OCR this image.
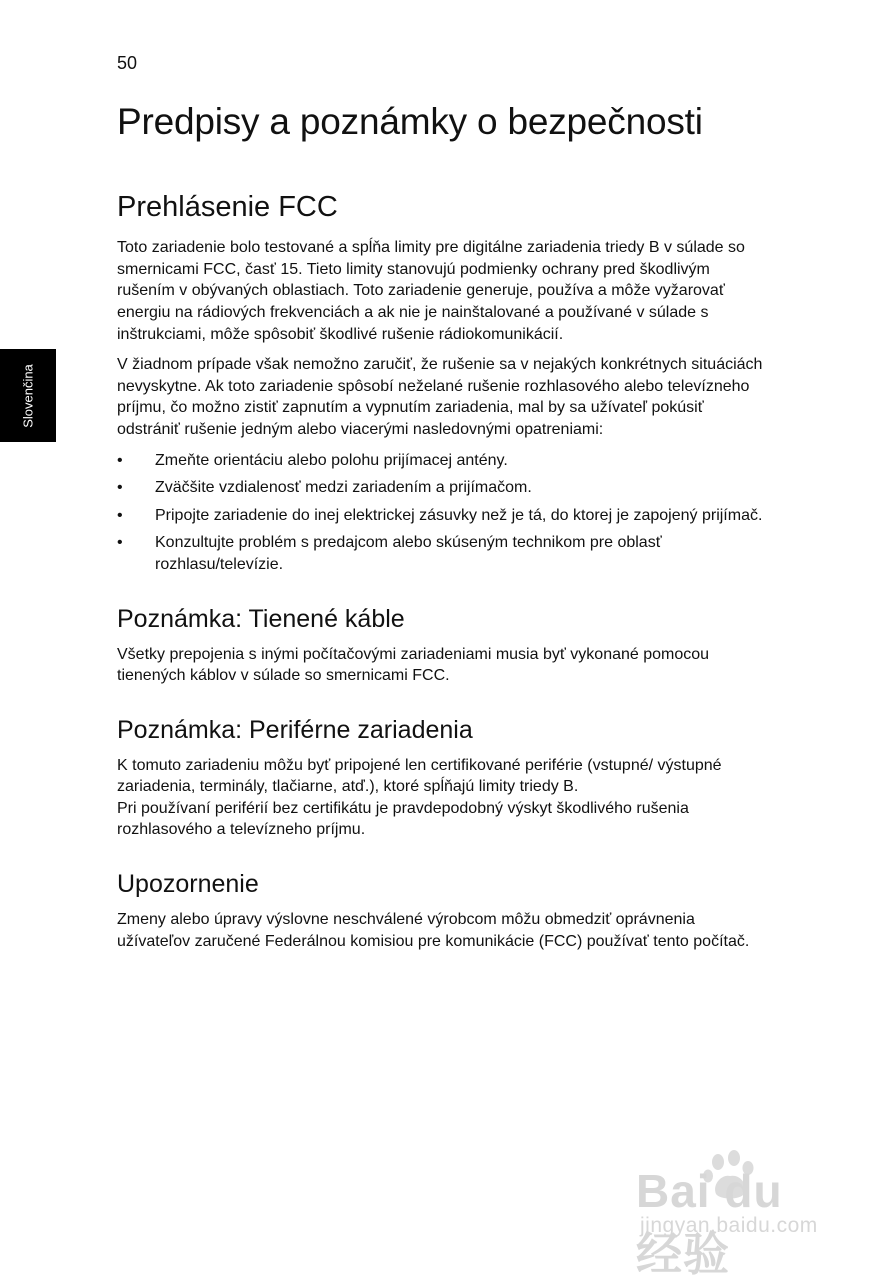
50
Slovenčina
Predpisy a poznámky o bezpečnosti
Prehlásenie FCC

Toto zariadenie bolo testované a spĺňa limity pre digitálne zariadenia triedy B v súlade so smernicami FCC, časť 15. Tieto limity stanovujú podmienky ochrany pred škodlivým rušením v obývaných oblastiach. Toto zariadenie generuje, používa a môže vyžarovať energiu na rádiových frekvenciách a ak nie je nainštalované a používané v súlade s inštrukciami, môže spôsobiť škodlivé rušenie rádiokomunikácií.

V žiadnom prípade však nemožno zaručiť, že rušenie sa v nejakých konkrétnych situáciách nevyskytne. Ak toto zariadenie spôsobí neželané rušenie rozhlasového alebo televízneho príjmu, čo možno zistiť zapnutím a vypnutím zariadenia, mal by sa užívateľ pokúsiť odstrániť rušenie jedným alebo viacerými nasledovnými opatreniami:

• Zmeňte orientáciu alebo polohu prijímacej antény.
• Zväčšite vzdialenosť medzi zariadením a prijímačom.
• Pripojte zariadenie do inej elektrickej zásuvky než je tá, do ktorej je zapojený prijímač.
• Konzultujte problém s predajcom alebo skúseným technikom pre oblasť rozhlasu/televízie.
Poznámka: Tienené káble

Všetky prepojenia s inými počítačovými zariadeniami musia byť vykonané pomocou tienených káblov v súlade so smernicami FCC.

Poznámka: Periférne zariadenia

K tomuto zariadeniu môžu byť pripojené len certifikované periférie (vstupné/ výstupné zariadenia, terminály, tlačiarne, atď.), ktoré spĺňajú limity triedy B.
Pri používaní periférií bez certifikátu je pravdepodobný výskyt škodlivého rušenia rozhlasového a televízneho príjmu.

Upozornenie

Zmeny alebo úpravy výslovne neschválené výrobcom môžu obmedziť oprávnenia užívateľov zaručené Federálnou komisiou pre komunikácie (FCC) používať tento počítač.

Bai du 经验
jingyan.baidu.com
